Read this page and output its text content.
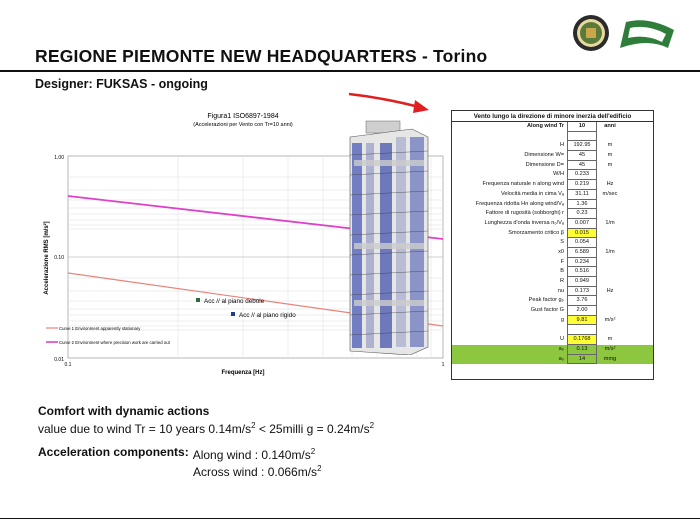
REGIONE PIEMONTE NEW HEADQUARTERS - Torino
Designer: FUKSAS - ongoing
Figura1 ISO6897-1984
(Accelerazioni per Vento con Tr=10 anni)
1.00
0.10
0.01
0.1	1
Frequenza [Hz]
Accelerazione RMS [m/s²]
Acc // al piano debole
Acc // al piano rigido
Curve 1 Environment apparently stationary
Curve 2 Environment where precision work are carried out
Vento lungo la direzione di minore inerzia dell'edificio
Along wind Tr	10	anni
H	192.95	m
Dimensione W=	45	m
Dimensione D=	45	m
W/H	0.233
Frequenza naturale n along wind	0.219	Hz
Velocità media in cima Vₐ	31.11	m/sec
Frequenza ridotta Hn along wind/Vₐ	1.36
Fattore di rugosità (sobborghi) r	0.23
Lunghezza d'onda inversa n₀/Vₐ	0.007	1/m
Smorzamento critico β	0.015
S	0.054
x0	6.589	1/m
F	0.234
B	0.516
R	0.949
nu	0.173	Hz
Peak factor gₚ	3.76
Gust factor G	2.00
g	9.81	m/s²
U	0.1768	m
a₀	0.13	m/s²
a₀	14	mmg
Comfort with dynamic actions
value due to wind Tr = 10 years $0.14m/s^2$ < 25milli $g = 0.24m/s^2$
Acceleration components: Along wind : $0.140m/s^2$
Across wind : $0.066m/s^2$
